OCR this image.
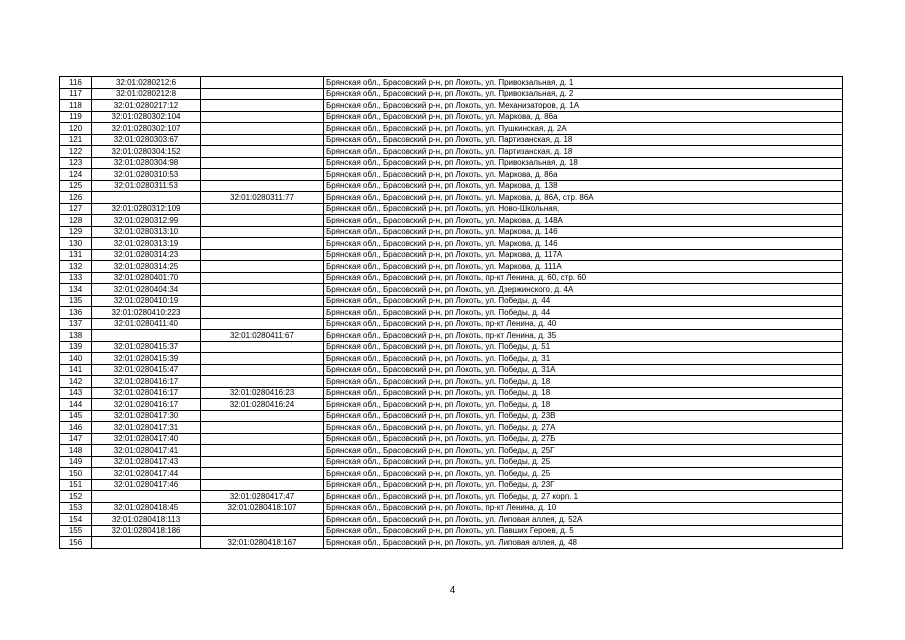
116	32:01:0280212:6		Брянская обл., Брасовский р-н, рп Локоть, ул. Привокзальная, д. 1
117	32:01:0280212:8		Брянская обл., Брасовский р-н, рп Локоть, ул. Привокзальная, д. 2
118	32:01:0280217:12		Брянская обл., Брасовский р-н, рп Локоть, ул. Механизаторов, д. 1А
119	32:01:0280302:104		Брянская обл., Брасовский р-н, рп Локоть, ул. Маркова, д. 86а
120	32:01:0280302:107		Брянская обл., Брасовский р-н, рп Локоть, ул. Пушкинская, д. 2А
121	32:01:0280303:67		Брянская обл., Брасовский р-н, рп Локоть, ул. Партизанская, д. 18
122	32:01:0280304:152		Брянская обл., Брасовский р-н, рп Локоть, ул. Партизанская, д. 18
123	32:01:0280304:98		Брянская обл., Брасовский р-н, рп Локоть, ул. Привокзальная, д. 18
124	32:01:0280310:53		Брянская обл., Брасовский р-н, рп Локоть, ул. Маркова, д. 86а
125	32:01:0280311:53		Брянская обл., Брасовский р-н, рп Локоть, ул. Маркова, д. 138
126		32:01:0280311:77	Брянская обл., Брасовский р-н, рп Локоть, ул. Маркова, д. 86А, стр. 86А
127	32:01:0280312:109		Брянская обл., Брасовский р-н, рп Локоть, ул. Ново-Школьная,
128	32:01:0280312:99		Брянская обл., Брасовский р-н, рп Локоть, ул. Маркова, д. 148А
129	32:01:0280313:10		Брянская обл., Брасовский р-н, рп Локоть, ул. Маркова, д. 146
130	32:01:0280313:19		Брянская обл., Брасовский р-н, рп Локоть, ул. Маркова, д. 146
131	32:01:0280314:23		Брянская обл., Брасовский р-н, рп Локоть, ул. Маркова, д. 117А
132	32:01:0280314:25		Брянская обл., Брасовский р-н, рп Локоть, ул. Маркова, д. 111А
133	32:01:0280401:70		Брянская обл., Брасовский р-н, рп Локоть, пр-кт Ленина, д. 60, стр. 60
134	32:01:0280404:34		Брянская обл., Брасовский р-н, рп Локоть, ул. Дзержинского, д. 4А
135	32:01:0280410:19		Брянская обл., Брасовский р-н, рп Локоть, ул. Победы, д. 44
136	32:01:0280410:223		Брянская обл., Брасовский р-н, рп Локоть, ул. Победы, д. 44
137	32:01:0280411:40		Брянская обл., Брасовский р-н, рп Локоть, пр-кт Ленина, д. 40
138		32:01:0280411:67	Брянская обл., Брасовский р-н, рп Локоть, пр-кт Ленина, д. 35
139	32:01:0280415:37		Брянская обл., Брасовский р-н, рп Локоть, ул. Победы, д. 51
140	32:01:0280415:39		Брянская обл., Брасовский р-н, рп Локоть, ул. Победы, д. 31
141	32:01:0280415:47		Брянская обл., Брасовский р-н, рп Локоть, ул. Победы, д. 31А
142	32:01:0280416:17		Брянская обл., Брасовский р-н, рп Локоть, ул. Победы, д. 18
143	32:01:0280416:17	32:01:0280416:23	Брянская обл., Брасовский р-н, рп Локоть, ул. Победы, д. 18
144	32:01:0280416:17	32:01:0280416:24	Брянская обл., Брасовский р-н, рп Локоть, ул. Победы, д. 18
145	32:01:0280417:30		Брянская обл., Брасовский р-н, рп Локоть, ул. Победы, д. 23В
146	32:01:0280417:31		Брянская обл., Брасовский р-н, рп Локоть, ул. Победы, д. 27А
147	32:01:0280417:40		Брянская обл., Брасовский р-н, рп Локоть, ул. Победы, д. 27Б
148	32:01:0280417:41		Брянская обл., Брасовский р-н, рп Локоть, ул. Победы, д. 25Г
149	32:01:0280417:43		Брянская обл., Брасовский р-н, рп Локоть, ул. Победы, д. 25
150	32:01:0280417:44		Брянская обл., Брасовский р-н, рп Локоть, ул. Победы, д. 25
151	32:01:0280417:46		Брянская обл., Брасовский р-н, рп Локоть, ул. Победы, д. 23Г
152		32:01:0280417:47	Брянская обл., Брасовский р-н, рп Локоть, ул. Победы, д. 27 корп. 1
153	32:01:0280418:45	32:01:0280418:107	Брянская обл., Брасовский р-н, рп Локоть, пр-кт Ленина, д. 10
154	32:01:0280418:113		Брянская обл., Брасовский р-н, рп Локоть, ул. Липовая аллея, д. 52А
155	32:01:0280418:186		Брянская обл., Брасовский р-н, рп Локоть, ул. Павших Героев, д. 5
156		32:01:0280418:167	Брянская обл., Брасовский р-н, рп Локоть, ул. Липовая аллея, д. 48
4
